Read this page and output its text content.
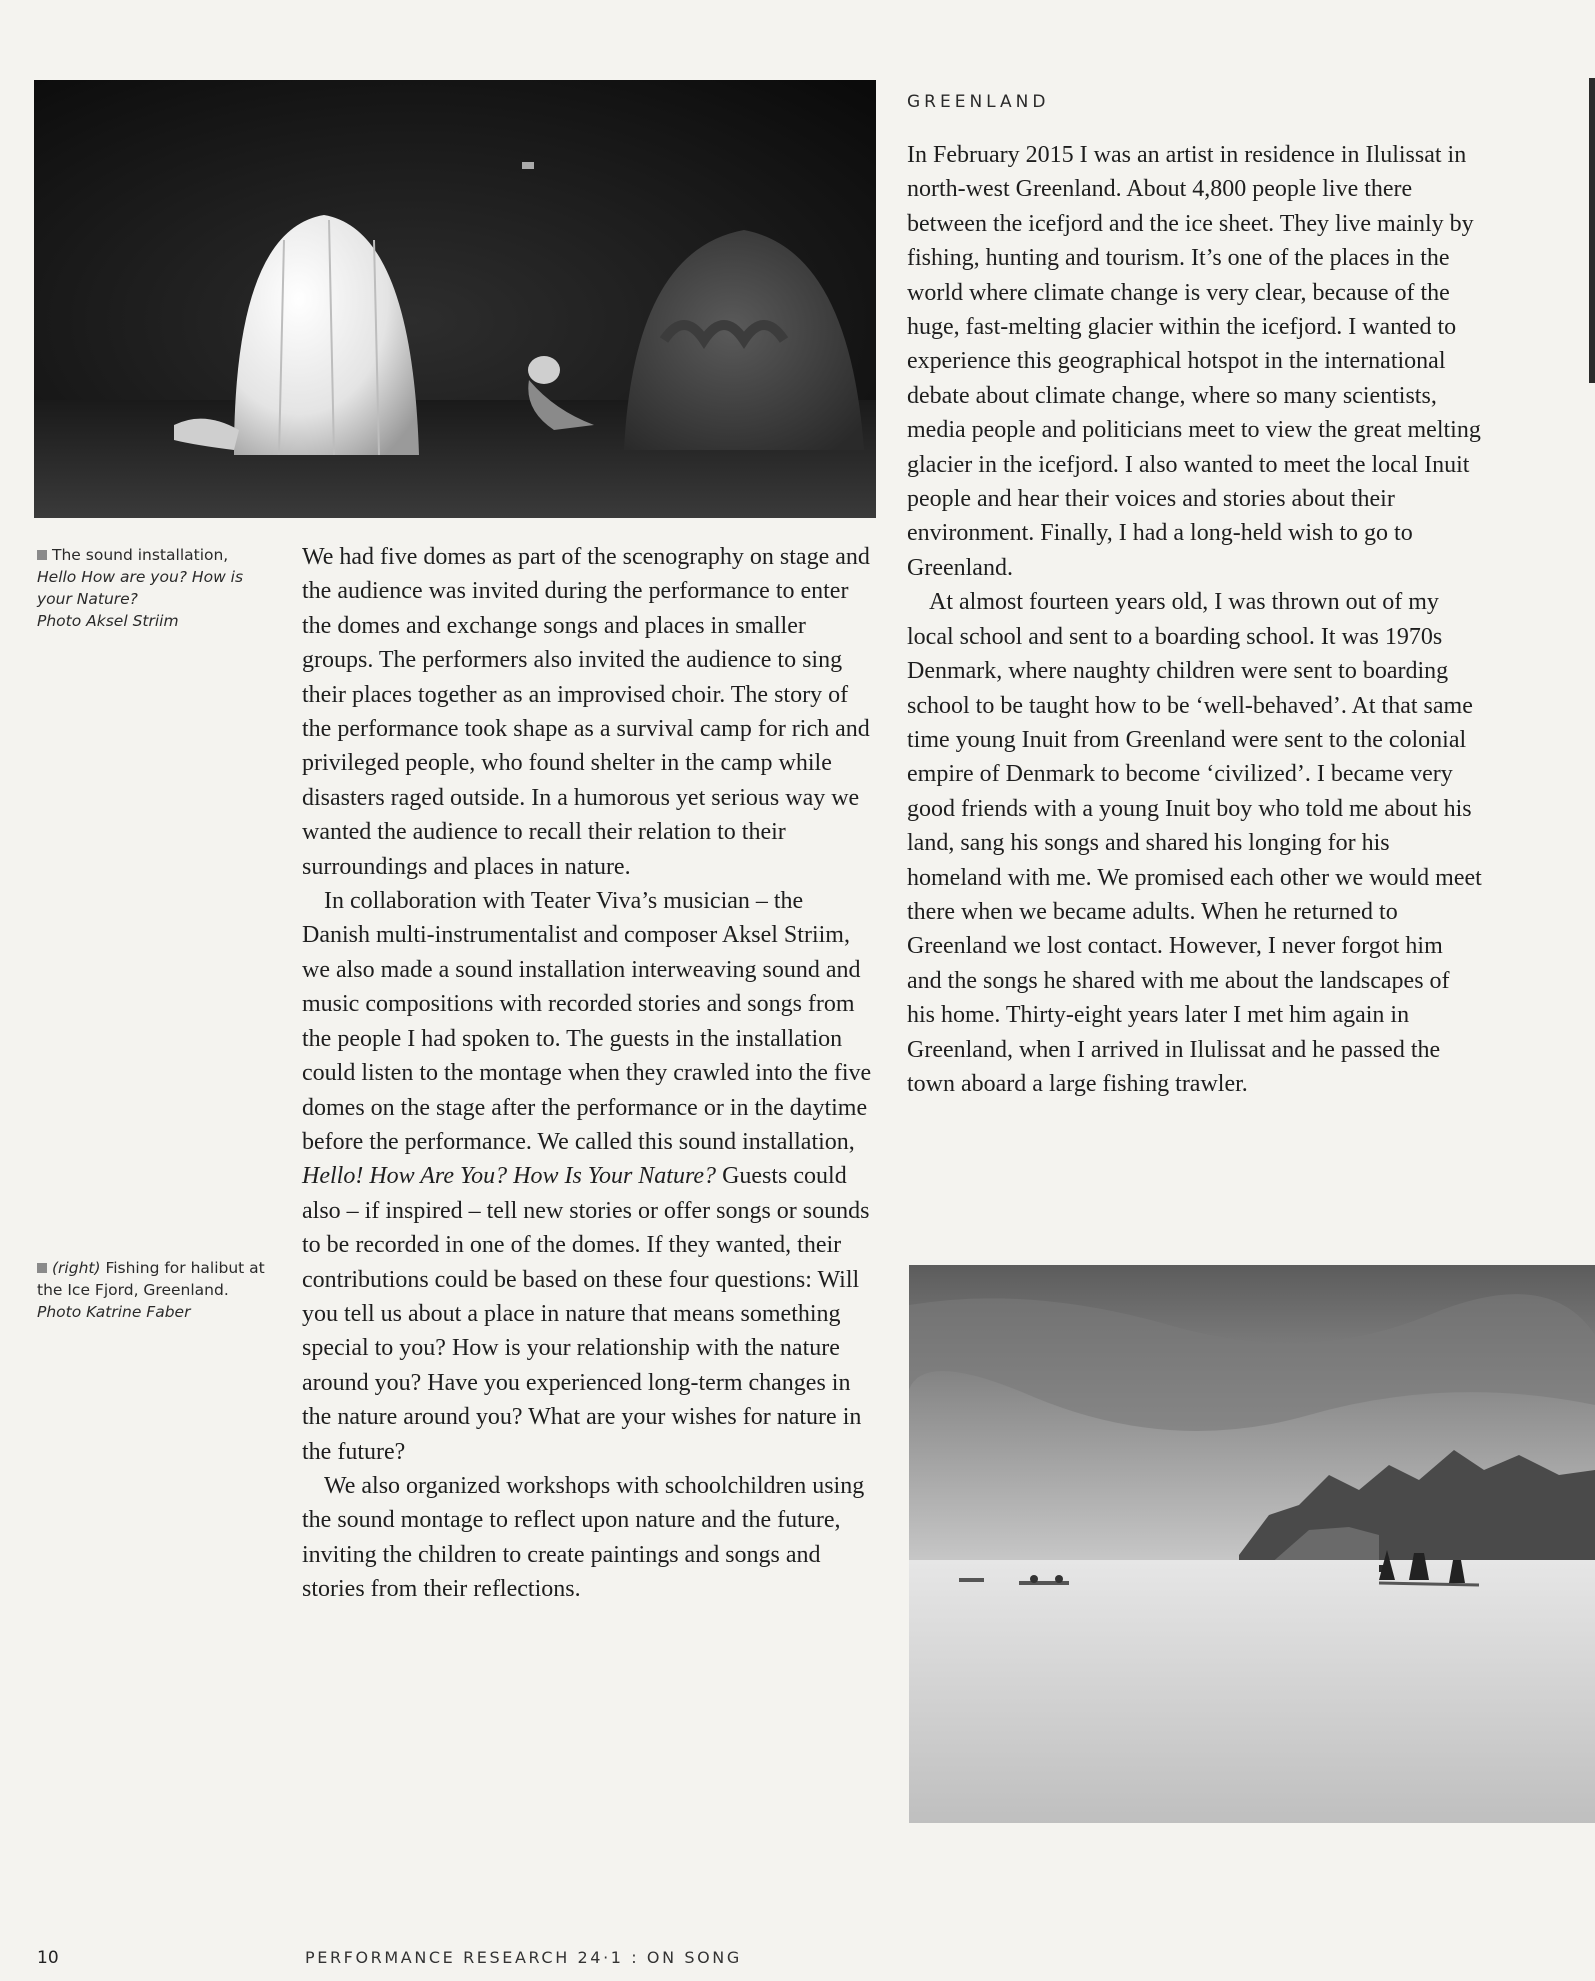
The sound installation, Hello How are you? How is your Nature?
Photo Aksel Striim
(right) Fishing for halibut at the Ice Fjord, Greenland.
Photo Katrine Faber

We had five domes as part of the scenography on stage and the audience was invited during the performance to enter the domes and exchange songs and places in smaller groups. The performers also invited the audience to sing their places together as an improvised choir. The story of the performance took shape as a survival camp for rich and privileged people, who found shelter in the camp while disasters raged outside. In a humorous yet serious way we wanted the audience to recall their relation to their surroundings and places in nature.

In collaboration with Teater Viva’s musician – the Danish multi-instrumentalist and composer Aksel Striim, we also made a sound installation interweaving sound and music compositions with recorded stories and songs from the people I had spoken to. The guests in the installation could listen to the montage when they crawled into the five domes on the stage after the performance or in the daytime before the performance. We called this sound installation, Hello! How Are You? How Is Your Nature? Guests could also – if inspired – tell new stories or offer songs or sounds to be recorded in one of the domes. If they wanted, their contributions could be based on these four questions: Will you tell us about a place in nature that means something special to you? How is your relationship with the nature around you? Have you experienced long-term changes in the nature around you? What are your wishes for nature in the future?

We also organized workshops with schoolchildren using the sound montage to reflect upon nature and the future, inviting the children to create paintings and songs and stories from their reflections.

GREENLAND

In February 2015 I was an artist in residence in Ilulissat in north-west Greenland. About 4,800 people live there between the icefjord and the ice sheet. They live mainly by fishing, hunting and tourism. It’s one of the places in the world where climate change is very clear, because of the huge, fast-melting glacier within the icefjord. I wanted to experience this geographical hotspot in the international debate about climate change, where so many scientists, media people and politicians meet to view the great melting glacier in the icefjord. I also wanted to meet the local Inuit people and hear their voices and stories about their environment. Finally, I had a long-held wish to go to Greenland.

At almost fourteen years old, I was thrown out of my local school and sent to a boarding school. It was 1970s Denmark, where naughty children were sent to boarding school to be taught how to be ‘well-behaved’. At that same time young Inuit from Greenland were sent to the colonial empire of Denmark to become ‘civilized’. I became very good friends with a young Inuit boy who told me about his land, sang his songs and shared his longing for his homeland with me. We promised each other we would meet there when we became adults. When he returned to Greenland we lost contact. However, I never forgot him and the songs he shared with me about the landscapes of his home. Thirty-eight years later I met him again in Greenland, when I arrived in Ilulissat and he passed the town aboard a large fishing trawler.

10	PERFORMANCE RESEARCH 24·1 : ON SONG
